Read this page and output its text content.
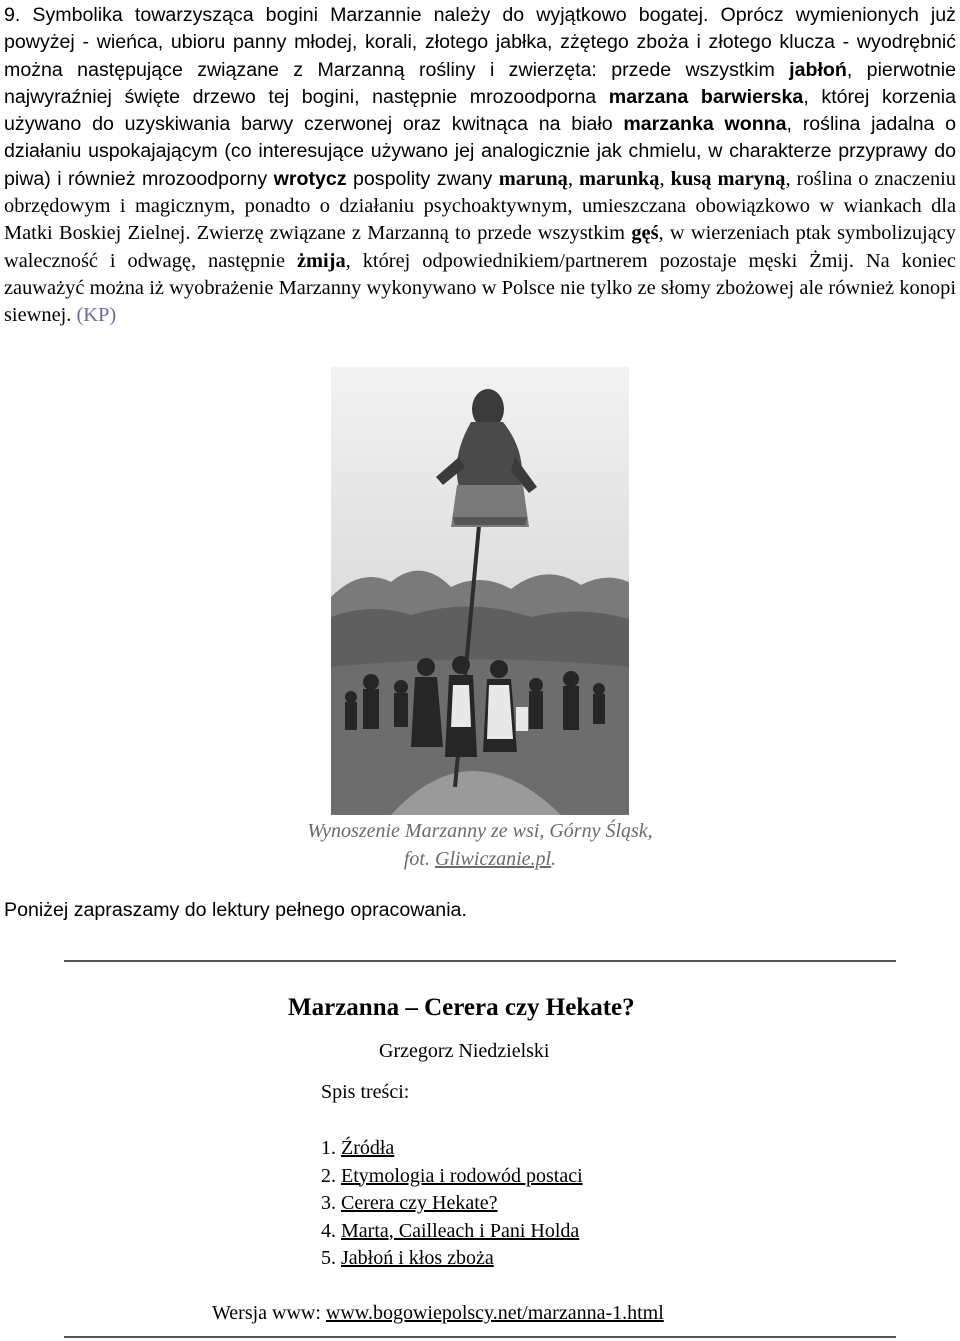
9. Symbolika towarzysząca bogini Marzannie należy do wyjątkowo bogatej. Oprócz wymienionych już powyżej - wieńca, ubioru panny młodej, korali, złotego jabłka, zżętego zboża i złotego klucza - wyodrębnić można następujące związane z Marzanną rośliny i zwierzęta: przede wszystkim jabłoń, pierwotnie najwyraźniej święte drzewo tej bogini, następnie mrozoodporna marzana barwierska, której korzenia używano do uzyskiwania barwy czerwonej oraz kwitnąca na biało marzanka wonna, roślina jadalna o działaniu uspokajającym (co interesujące używano jej analogicznie jak chmielu, w charakterze przyprawy do piwa) i również mrozoodporny wrotycz pospolity zwany maruną, marunką, kusą maryną, roślina o znaczeniu obrzędowym i magicznym, ponadto o działaniu psychoaktywnym, umieszczana obowiązkowo w wiankach dla Matki Boskiej Zielnej. Zwierzę związane z Marzanną to przede wszystkim gęś, w wierzeniach ptak symbolizujący waleczność i odwagę, następnie żmija, której odpowiednikiem/partnerem pozostaje męski Żmij. Na koniec zauważyć można iż wyobrażenie Marzanny wykonywano w Polsce nie tylko ze słomy zbożowej ale również konopi siewnej. (KP)
Wynoszenie Marzanny ze wsi, Górny Śląsk,
fot. Gliwiczanie.pl.
Poniżej zapraszamy do lektury pełnego opracowania.
Marzanna – Cerera czy Hekate?
Grzegorz Niedzielski
Spis treści:
1. Źródła
2. Etymologia i rodowód postaci
3. Cerera czy Hekate?
4. Marta, Cailleach i Pani Holda
5. Jabłoń i kłos zboża
Wersja www: www.bogowiepolscy.net/marzanna-1.html
